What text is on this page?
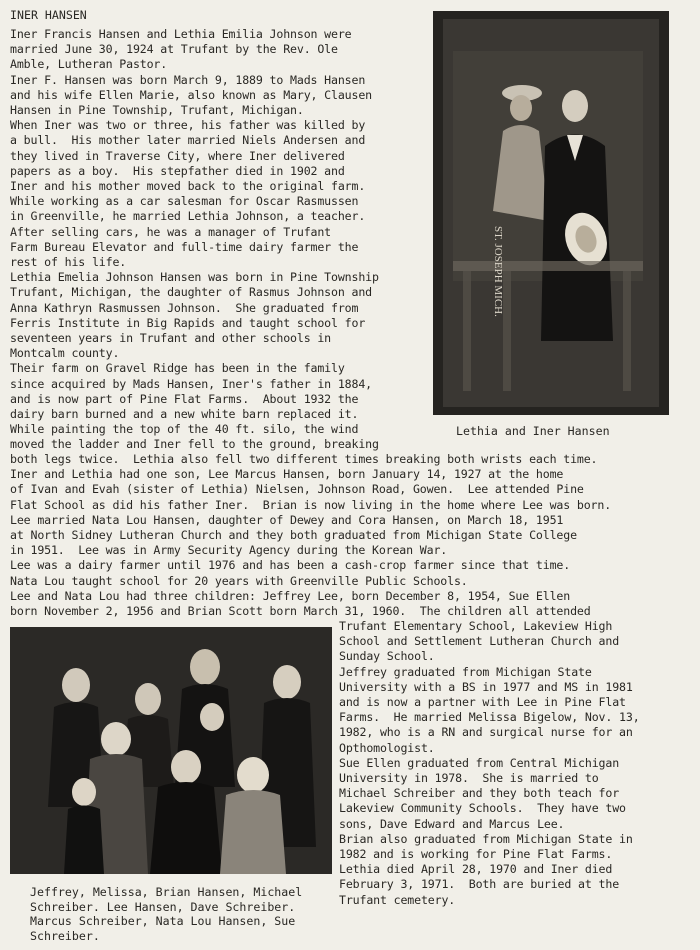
INER HANSEN
Iner Francis Hansen and Lethia Emilia Johnson were
married June 30, 1924 at Trufant by the Rev. Ole
Amble, Lutheran Pastor.
Iner F. Hansen was born March 9, 1889 to Mads Hansen
and his wife Ellen Marie, also known as Mary, Clausen
Hansen in Pine Township, Trufant, Michigan.
When Iner was two or three, his father was killed by
a bull.  His mother later married Niels Andersen and
they lived in Traverse City, where Iner delivered
papers as a boy.  His stepfather died in 1902 and
Iner and his mother moved back to the original farm.
While working as a car salesman for Oscar Rasmussen
in Greenville, he married Lethia Johnson, a teacher.
After selling cars, he was a manager of Trufant
Farm Bureau Elevator and full-time dairy farmer the
rest of his life.
Lethia Emelia Johnson Hansen was born in Pine Township
Trufant, Michigan, the daughter of Rasmus Johnson and
Anna Kathryn Rasmussen Johnson.  She graduated from
Ferris Institute in Big Rapids and taught school for
seventeen years in Trufant and other schools in
Montcalm county.
Their farm on Gravel Ridge has been in the family
since acquired by Mads Hansen, Iner's father in 1884,
and is now part of Pine Flat Farms.  About 1932 the
dairy barn burned and a new white barn replaced it.
While painting the top of the 40 ft. silo, the wind
moved the ladder and Iner fell to the ground, breaking
both legs twice.  Lethia also fell two different times breaking both wrists each time.
Iner and Lethia had one son, Lee Marcus Hansen, born January 14, 1927 at the home
of Ivan and Evah (sister of Lethia) Nielsen, Johnson Road, Gowen.  Lee attended Pine
Flat School as did his father Iner.  Brian is now living in the home where Lee was born.
Lee married Nata Lou Hansen, daughter of Dewey and Cora Hansen, on March 18, 1951
at North Sidney Lutheran Church and they both graduated from Michigan State College
in 1951.  Lee was in Army Security Agency during the Korean War.
Lee was a dairy farmer until 1976 and has been a cash-crop farmer since that time.
Nata Lou taught school for 20 years with Greenville Public Schools.
Lee and Nata Lou had three children: Jeffrey Lee, born December 8, 1954, Sue Ellen
born November 2, 1956 and Brian Scott born March 31, 1960.  The children all attended
Trufant Elementary School, Lakeview High
School and Settlement Lutheran Church and
Sunday School.
Jeffrey graduated from Michigan State
University with a BS in 1977 and MS in 1981
and is now a partner with Lee in Pine Flat
Farms.  He married Melissa Bigelow, Nov. 13,
1982, who is a RN and surgical nurse for an
Opthomologist.
Sue Ellen graduated from Central Michigan
University in 1978.  She is married to
Michael Schreiber and they both teach for
Lakeview Community Schools.  They have two
sons, Dave Edward and Marcus Lee.
Brian also graduated from Michigan State in
1982 and is working for Pine Flat Farms.
Lethia died April 28, 1970 and Iner died
February 3, 1971.  Both are buried at the
Trufant cemetery.
ST. JOSEPH MICH.
Lethia and Iner Hansen
Jeffrey, Melissa, Brian Hansen, Michael
Schreiber. Lee Hansen, Dave Schreiber.
Marcus Schreiber, Nata Lou Hansen, Sue
Schreiber.
